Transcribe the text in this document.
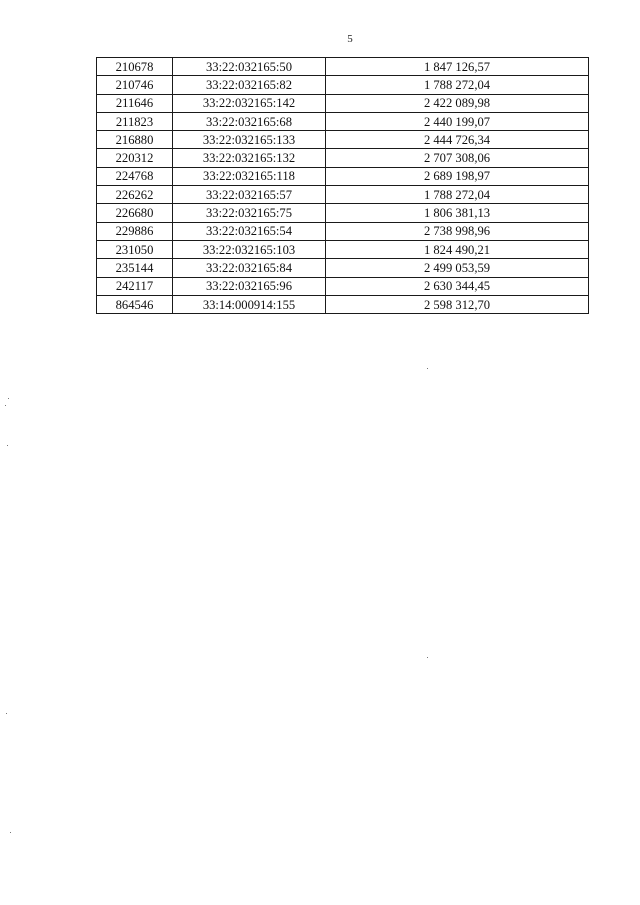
5
210678	33:22:032165:50	1 847 126,57
210746	33:22:032165:82	1 788 272,04
211646	33:22:032165:142	2 422 089,98
211823	33:22:032165:68	2 440 199,07
216880	33:22:032165:133	2 444 726,34
220312	33:22:032165:132	2 707 308,06
224768	33:22:032165:118	2 689 198,97
226262	33:22:032165:57	1 788 272,04
226680	33:22:032165:75	1 806 381,13
229886	33:22:032165:54	2 738 998,96
231050	33:22:032165:103	1 824 490,21
235144	33:22:032165:84	2 499 053,59
242117	33:22:032165:96	2 630 344,45
864546	33:14:000914:155	2 598 312,70
